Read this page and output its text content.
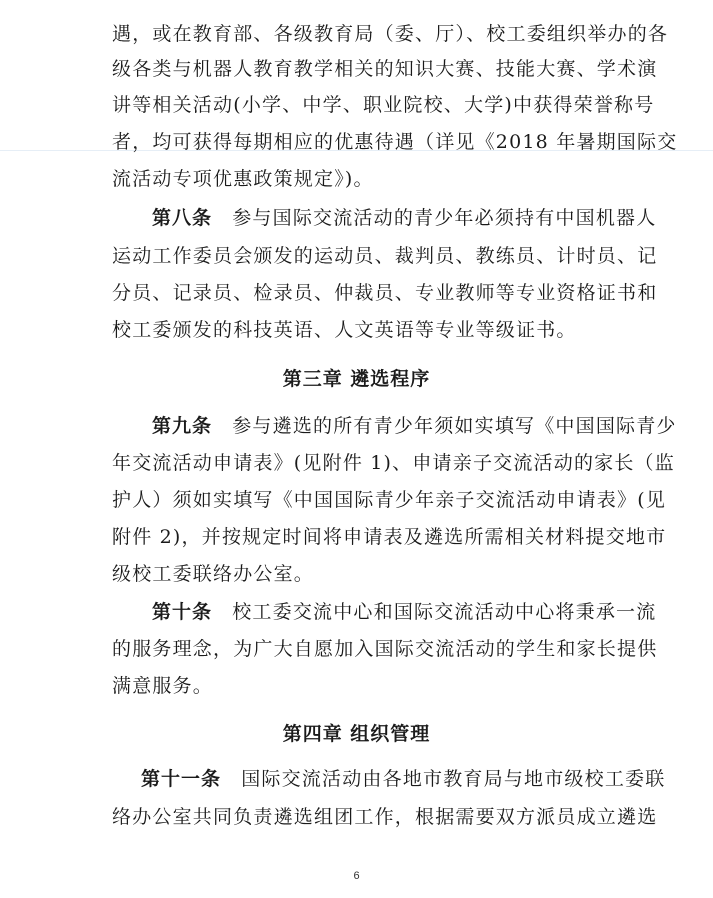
遇，或在教育部、各级教育局（委、厅）、校工委组织举办的各
级各类与机器人教育教学相关的知识大赛、技能大赛、学术演
讲等相关活动(小学、中学、职业院校、大学)中获得荣誉称号
者，均可获得每期相应的优惠待遇（详见《2018 年暑期国际交
流活动专项优惠政策规定》)。
第八条　 参与国际交流活动的青少年必须持有中国机器人
运动工作委员会颁发的运动员、裁判员、教练员、计时员、记
分员、记录员、检录员、仲裁员、专业教师等专业资格证书和
校工委颁发的科技英语、人文英语等专业等级证书。
第三章 遴选程序
第九条　 参与遴选的所有青少年须如实填写《中国国际青少
年交流活动申请表》(见附件 1)、申请亲子交流活动的家长（监
护人）须如实填写《中国国际青少年亲子交流活动申请表》(见
附件 2)，并按规定时间将申请表及遴选所需相关材料提交地市
级校工委联络办公室。
第十条　 校工委交流中心和国际交流活动中心将秉承一流
的服务理念，为广大自愿加入国际交流活动的学生和家长提供
满意服务。
第四章 组织管理
第十一条　 国际交流活动由各地市教育局与地市级校工委联
络办公室共同负责遴选组团工作，根据需要双方派员成立遴选
6
